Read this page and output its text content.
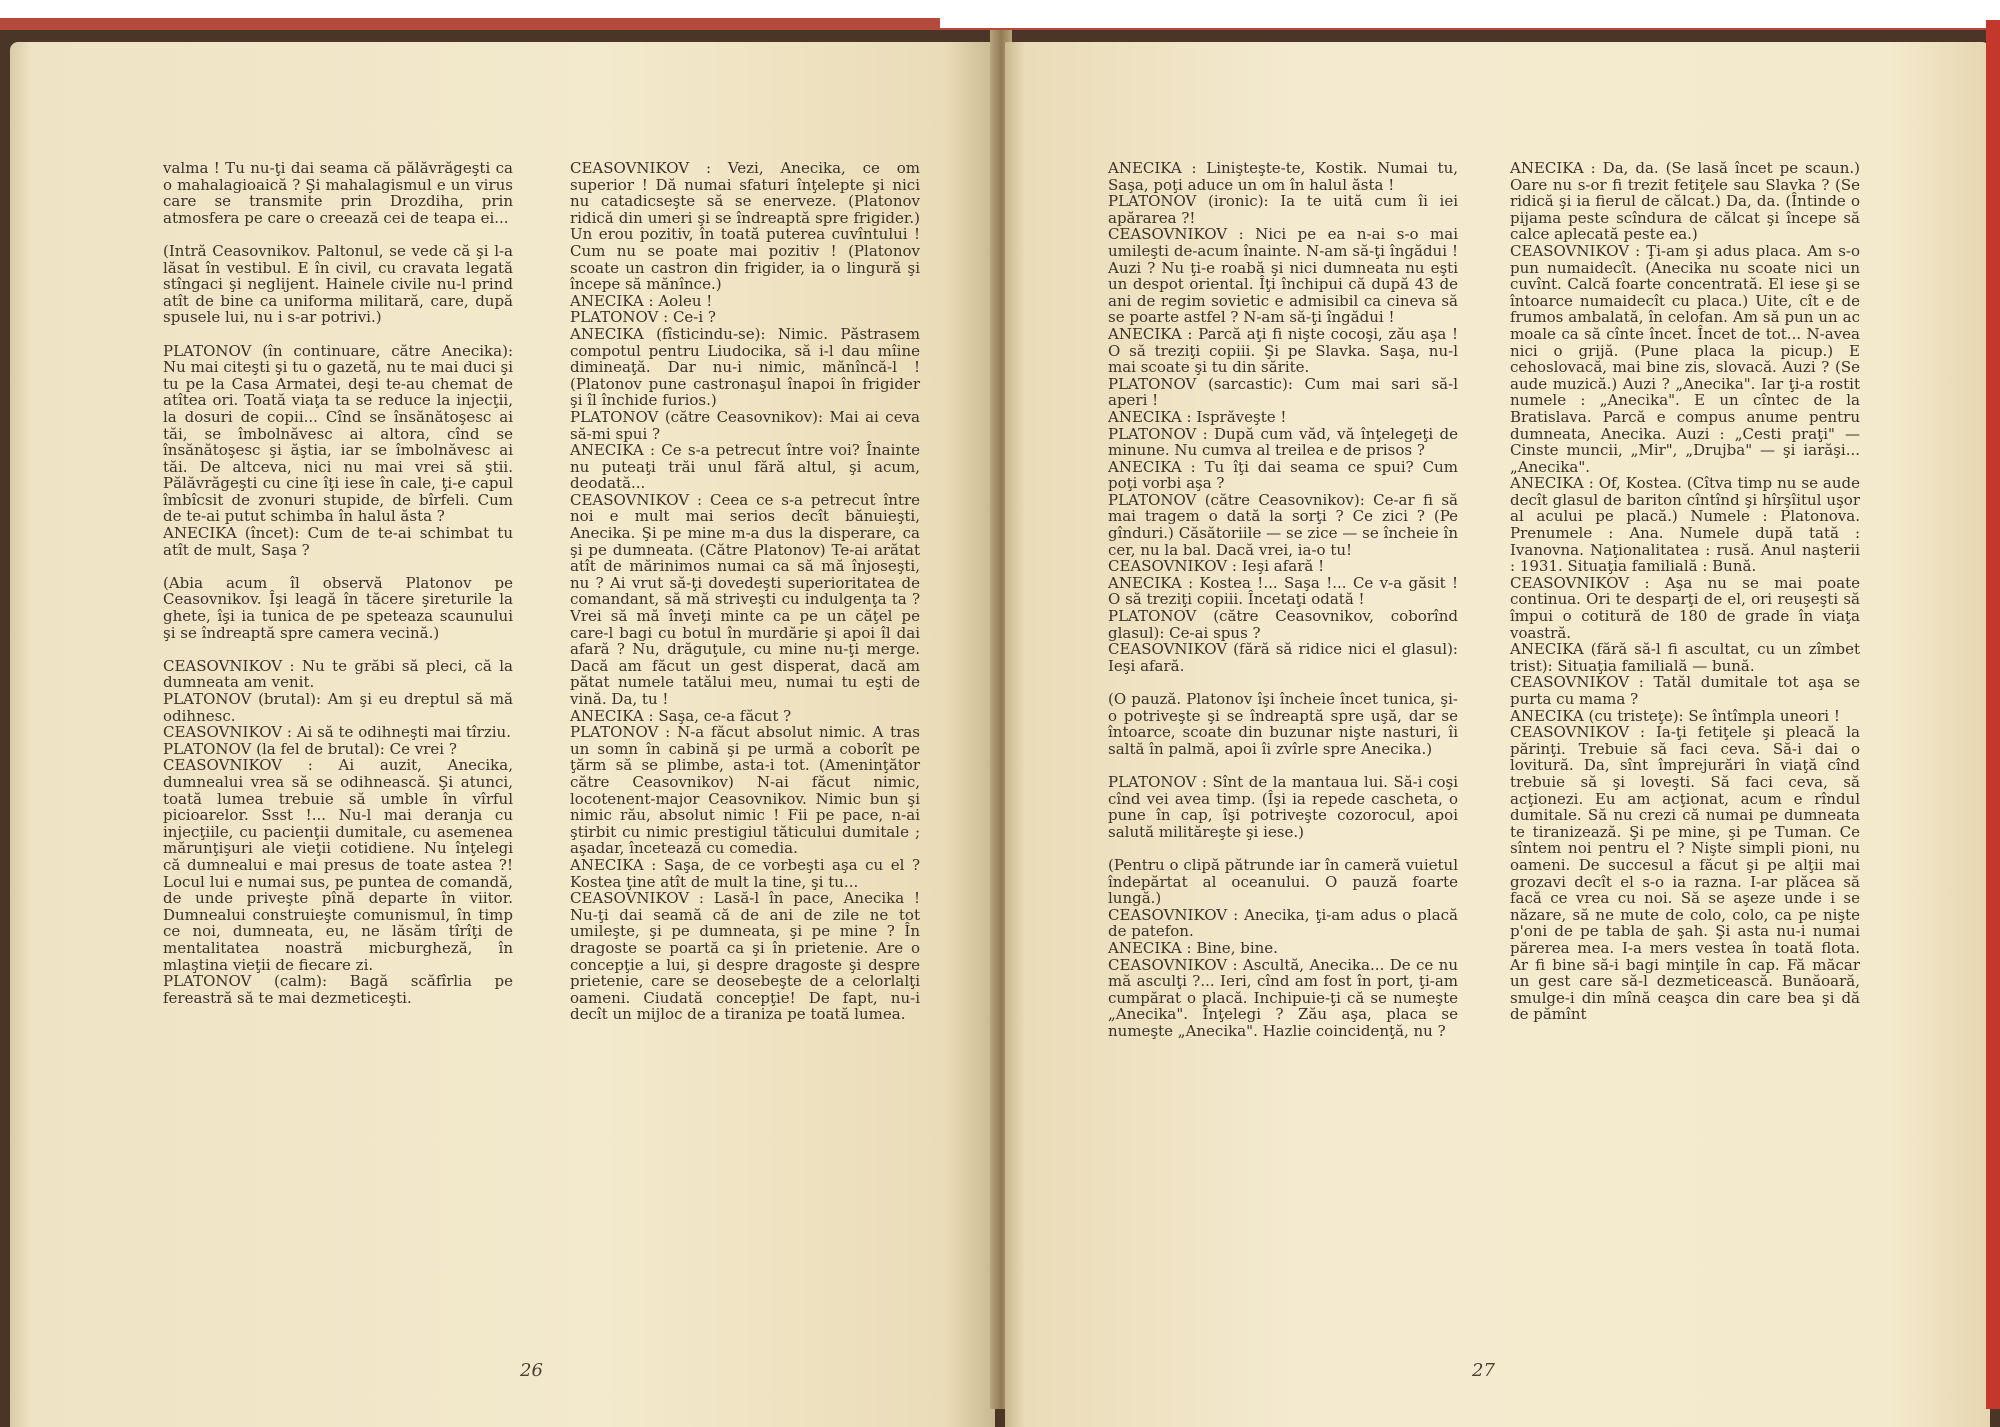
valma ! Tu nu-ţi dai seama că pălăvrăgeşti ca o mahalagioaică ? Şi mahalagismul e un virus care se transmite prin Drozdiha, prin atmosfera pe care o creează cei de teapa ei...

(Intră Ceasovnikov. Paltonul, se vede că şi l-a lăsat în vestibul. E în civil, cu cravata legată stîngaci şi neglijent. Hainele civile nu-l prind atît de bine ca uniforma militară, care, după spusele lui, nu i s-ar potrivi.)

PLATONOV (în continuare, către Anecika): Nu mai citeşti şi tu o gazetă, nu te mai duci şi tu pe la Casa Armatei, deşi te-au chemat de atîtea ori. Toată viaţa ta se reduce la injecţii, la dosuri de copii... Cînd se însănătoşesc ai tăi, se îmbolnăvesc ai altora, cînd se însănătoşesc şi ăştia, iar se îmbolnăvesc ai tăi. De altceva, nici nu mai vrei să ştii. Pălăvrăgeşti cu cine îţi iese în cale, ţi-e capul îmbîcsit de zvonuri stupide, de bîrfeli. Cum de te-ai putut schimba în halul ăsta ?
ANECIKA (încet): Cum de te-ai schimbat tu atît de mult, Saşa ?

(Abia acum îl observă Platonov pe Ceasovnikov. Îşi leagă în tăcere şireturile la ghete, îşi ia tunica de pe speteaza scaunului şi se îndreaptă spre camera vecină.)

CEASOVNIKOV : Nu te grăbi să pleci, că la dumneata am venit.
PLATONOV (brutal): Am şi eu dreptul să mă odihnesc.
CEASOVNIKOV : Ai să te odihneşti mai tîrziu.
PLATONOV (la fel de brutal): Ce vrei ?
CEASOVNIKOV : Ai auzit, Anecika, dumnealui vrea să se odihnească. Şi atunci, toată lumea trebuie să umble în vîrful picioarelor. Ssst !... Nu-l mai deranja cu injecţiile, cu pacienţii dumitale, cu asemenea mărunţişuri ale vieţii cotidiene. Nu înţelegi că dumnealui e mai presus de toate astea ?! Locul lui e numai sus, pe puntea de comandă, de unde priveşte pînă departe în viitor. Dumnealui construieşte comunismul, în timp ce noi, dumneata, eu, ne lăsăm tîrîţi de mentalitatea noastră micburgheză, în mlaştina vieţii de fiecare zi.
PLATONOV (calm): Bagă scăfîrlia pe fereastră să te mai dezmeticeşti.
CEASOVNIKOV : Vezi, Anecika, ce om superior ! Dă numai sfaturi înţelepte şi nici nu catadicseşte să se enerveze. (Platonov ridică din umeri şi se îndreaptă spre frigider.) Un erou pozitiv, în toată puterea cuvîntului ! Cum nu se poate mai pozitiv ! (Platonov scoate un castron din frigider, ia o lingură şi începe să mănînce.)
ANECIKA : Aoleu !
PLATONOV : Ce-i ?
ANECIKA (fîsticindu-se): Nimic. Păstrasem compotul pentru Liudocika, să i-l dau mîine dimineaţă. Dar nu-i nimic, mănîncă-l ! (Platonov pune castronaşul înapoi în frigider şi îl închide furios.)
PLATONOV (către Ceasovnikov): Mai ai ceva să-mi spui ?
ANECIKA : Ce s-a petrecut între voi? Înainte nu puteaţi trăi unul fără altul, şi acum, deodată...
CEASOVNIKOV : Ceea ce s-a petrecut între noi e mult mai serios decît bănuieşti, Anecika. Şi pe mine m-a dus la disperare, ca şi pe dumneata. (Către Platonov) Te-ai arătat atît de mărinimos numai ca să mă înjoseşti, nu ? Ai vrut să-ţi dovedeşti superioritatea de comandant, să mă striveşti cu indulgenţa ta ? Vrei să mă înveţi minte ca pe un căţel pe care-l bagi cu botul în murdărie şi apoi îl dai afară ? Nu, drăguţule, cu mine nu-ţi merge. Dacă am făcut un gest disperat, dacă am pătat numele tatălui meu, numai tu eşti de vină. Da, tu !
ANECIKA : Saşa, ce-a făcut ?
PLATONOV : N-a făcut absolut nimic. A tras un somn în cabină şi pe urmă a coborît pe ţărm să se plimbe, asta-i tot. (Ameninţător către Ceasovnikov) N-ai făcut nimic, locotenent-major Ceasovnikov. Nimic bun şi nimic rău, absolut nimic ! Fii pe pace, n-ai ştirbit cu nimic prestigiul tăticului dumitale ; aşadar, încetează cu comedia.
ANECIKA : Saşa, de ce vorbeşti aşa cu el ? Kostea ţine atît de mult la tine, şi tu...
CEASOVNIKOV : Lasă-l în pace, Anecika ! Nu-ţi dai seamă că de ani de zile ne tot umileşte, şi pe dumneata, şi pe mine ? În dragoste se poartă ca şi în prietenie. Are o concepţie a lui, şi despre dragoste şi despre prietenie, care se deosebeşte de a celorlalţi oameni. Ciudată concepţie! De fapt, nu-i decît un mijloc de a tiraniza pe toată lumea.
26
ANECIKA : Linişteşte-te, Kostik. Numai tu, Saşa, poţi aduce un om în halul ăsta !
PLATONOV (ironic): Ia te uită cum îi iei apărarea ?!
CEASOVNIKOV : Nici pe ea n-ai s-o mai umileşti de-acum înainte. N-am să-ţi îngădui ! Auzi ? Nu ţi-e roabă şi nici dumneata nu eşti un despot oriental. Îţi închipui că după 43 de ani de regim sovietic e admisibil ca cineva să se poarte astfel ? N-am să-ţi îngădui !
ANECIKA : Parcă aţi fi nişte cocoşi, zău aşa ! O să treziţi copiii. Şi pe Slavka. Saşa, nu-l mai scoate şi tu din sărite.
PLATONOV (sarcastic): Cum mai sari să-l aperi !
ANECIKA : Isprăveşte !
PLATONOV : După cum văd, vă înţelegeţi de minune. Nu cumva al treilea e de prisos ?
ANECIKA : Tu îţi dai seama ce spui? Cum poţi vorbi aşa ?
PLATONOV (către Ceasovnikov): Ce-ar fi să mai tragem o dată la sorţi ? Ce zici ? (Pe gînduri.) Căsătoriile — se zice — se încheie în cer, nu la bal. Dacă vrei, ia-o tu!
CEASOVNIKOV : Ieşi afară !
ANECIKA : Kostea !... Saşa !... Ce v-a găsit ! O să treziţi copiii. Încetaţi odată !
PLATONOV (către Ceasovnikov, coborînd glasul): Ce-ai spus ?
CEASOVNIKOV (fără să ridice nici el glasul): Ieşi afară.

(O pauză. Platonov îşi încheie încet tunica, şi-o potriveşte şi se îndreaptă spre uşă, dar se întoarce, scoate din buzunar nişte nasturi, îi saltă în palmă, apoi îi zvîrle spre Anecika.)

PLATONOV : Sînt de la mantaua lui. Să-i coşi cînd vei avea timp. (Îşi ia repede cascheta, o pune în cap, îşi potriveşte cozorocul, apoi salută milităreşte şi iese.)

(Pentru o clipă pătrunde iar în cameră vuietul îndepărtat al oceanului. O pauză foarte lungă.)
CEASOVNIKOV : Anecika, ţi-am adus o placă de patefon.
ANECIKA : Bine, bine.
CEASOVNIKOV : Ascultă, Anecika... De ce nu mă asculţi ?... Ieri, cînd am fost în port, ţi-am cumpărat o placă. Inchipuie-ţi că se numeşte „Anecika". Înţelegi ? Zău aşa, placa se numeşte „Anecika". Hazlie coincidenţă, nu ?
ANECIKA : Da, da. (Se lasă încet pe scaun.) Oare nu s-or fi trezit fetiţele sau Slavka ? (Se ridică şi ia fierul de călcat.) Da, da. (Întinde o pijama peste scîndura de călcat şi începe să calce aplecată peste ea.)
CEASOVNIKOV : Ţi-am şi adus placa. Am s-o pun numaidecît. (Anecika nu scoate nici un cuvînt. Calcă foarte concentrată. El iese şi se întoarce numaidecît cu placa.) Uite, cît e de frumos ambalată, în celofan. Am să pun un ac moale ca să cînte încet. Încet de tot... N-avea nici o grijă. (Pune placa la picup.) E cehoslovacă, mai bine zis, slovacă. Auzi ? (Se aude muzică.) Auzi ? „Anecika". Iar ţi-a rostit numele : „Anecika". E un cîntec de la Bratislava. Parcă e compus anume pentru dumneata, Anecika. Auzi : „Cesti praţi" — Cinste muncii, „Mir", „Drujba" — şi iarăşi... „Anecika".
ANECIKA : Of, Kostea. (Cîtva timp nu se aude decît glasul de bariton cîntînd şi hîrşîitul uşor al acului pe placă.) Numele : Platonova. Prenumele : Ana. Numele după tată : Ivanovna. Naţionalitatea : rusă. Anul naşterii : 1931. Situaţia familială : Bună.
CEASOVNIKOV : Aşa nu se mai poate continua. Ori te desparţi de el, ori reuşeşti să împui o cotitură de 180 de grade în viaţa voastră.
ANECIKA (fără să-l fi ascultat, cu un zîmbet trist): Situaţia familială — bună.
CEASOVNIKOV : Tatăl dumitale tot aşa se purta cu mama ?
ANECIKA (cu tristeţe): Se întîmpla uneori !
CEASOVNIKOV : Ia-ţi fetiţele şi pleacă la părinţi. Trebuie să faci ceva. Să-i dai o lovitură. Da, sînt împrejurări în viaţă cînd trebuie să şi loveşti. Să faci ceva, să acţionezi. Eu am acţionat, acum e rîndul dumitale. Să nu crezi că numai pe dumneata te tiranizează. Şi pe mine, şi pe Tuman. Ce sîntem noi pentru el ? Nişte simpli pioni, nu oameni. De succesul a făcut şi pe alţii mai grozavi decît el s-o ia razna. I-ar plăcea să facă ce vrea cu noi. Să se aşeze unde i se năzare, să ne mute de colo, colo, ca pe nişte p'oni de pe tabla de şah. Şi asta nu-i numai părerea mea. I-a mers vestea în toată flota. Ar fi bine să-i bagi minţile în cap. Fă măcar un gest care să-l dezmeticească. Bunăoară, smulge-i din mînă ceaşca din care bea şi dă de pămînt
27
